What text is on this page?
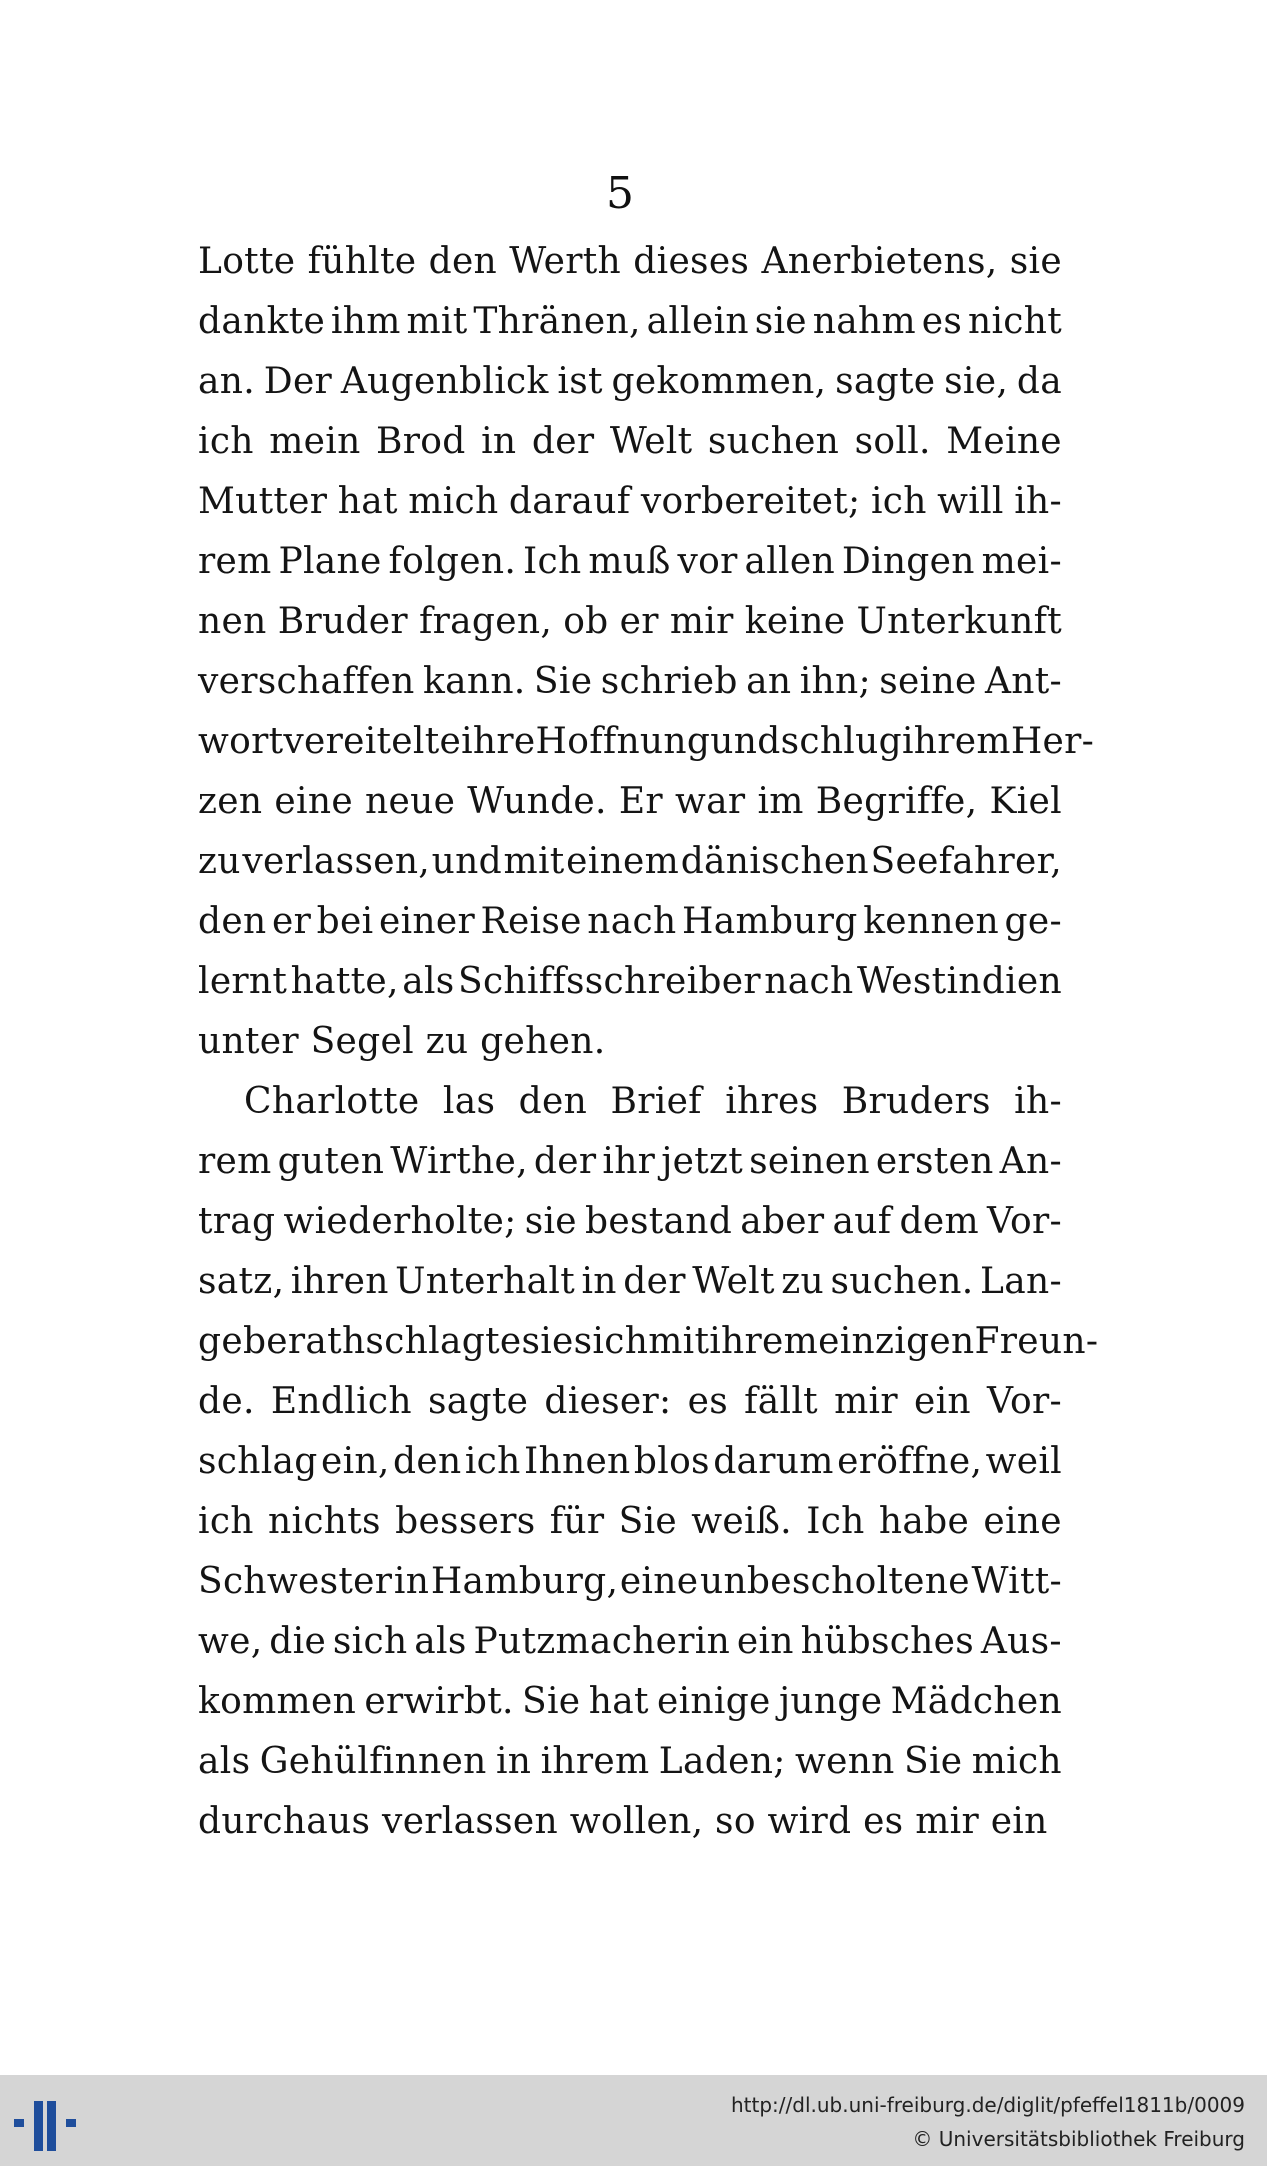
5
Lotte fühlte den Werth dieses Anerbietens, sie
dankte ihm mit Thränen, allein sie nahm es nicht
an. Der Augenblick ist gekommen, sagte sie, da
ich mein Brod in der Welt suchen soll. Meine
Mutter hat mich darauf vorbereitet; ich will ih-
rem Plane folgen. Ich muß vor allen Dingen mei-
nen Bruder fragen, ob er mir keine Unterkunft
verschaffen kann. Sie schrieb an ihn; seine Ant-
wort vereitelte ihre Hoffnung und schlug ihrem Her-
zen eine neue Wunde. Er war im Begriffe, Kiel
zu verlassen, und mit einem dänischen Seefahrer,
den er bei einer Reise nach Hamburg kennen ge-
lernt hatte, als Schiffsschreiber nach Westindien
unter Segel zu gehen.
Charlotte las den Brief ihres Bruders ih-
rem guten Wirthe, der ihr jetzt seinen ersten An-
trag wiederholte; sie bestand aber auf dem Vor-
satz, ihren Unterhalt in der Welt zu suchen. Lan-
ge berathschlagte sie sich mit ihrem einzigen Freun-
de. Endlich sagte dieser: es fällt mir ein Vor-
schlag ein, den ich Ihnen blos darum eröffne, weil
ich nichts bessers für Sie weiß. Ich habe eine
Schwester in Hamburg, eine unbescholtene Witt-
we, die sich als Putzmacherin ein hübsches Aus-
kommen erwirbt. Sie hat einige junge Mädchen
als Gehülfinnen in ihrem Laden; wenn Sie mich
durchaus verlassen wollen, so wird es mir ein
http://dl.ub.uni-freiburg.de/diglit/pfeffel1811b/0009
© Universitätsbibliothek Freiburg
